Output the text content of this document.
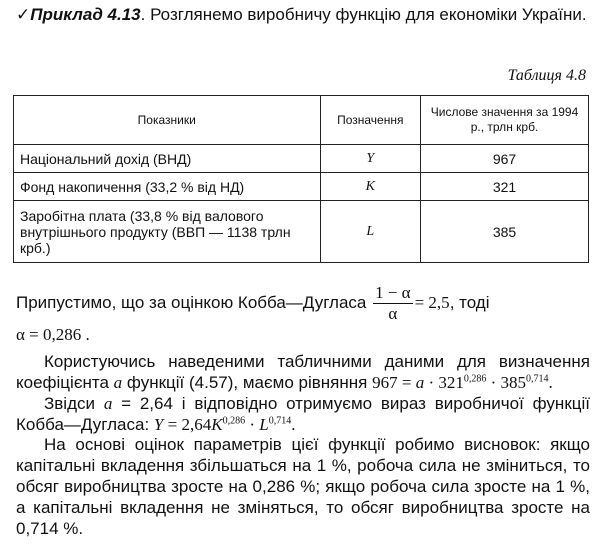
✓Приклад 4.13. Розглянемо виробничу функцію для економіки України.
Таблиця 4.8
Показники	Позначення	Числове значення за 1994 р., трлн крб.
Національний дохід (ВНД)	Y	967
Фонд накопичення (33,2 % від НД)	K	321
Заробітна плата (33,8 % від валового внутрішнього продукту (ВВП — 1138 трлн крб.)	L	385
Припустимо, що за оцінкою Кобба—Дугласа $\frac{1 - \alpha}{\alpha} = 2,5$, тоді
α = 0,286 .
Користуючись наведеними табличними даними для визначення коефіцієнта a функції (4.57), маємо рівняння $967 = a \cdot 321^{0,286} \cdot 385^{0,714}$.
Звідси a = 2,64 і відповідно отримуємо вираз виробничої функції Кобба—Дугласа: $Y = 2,64K^{0,286} \cdot L^{0,714}$.
На основі оцінок параметрів цієї функції робимо висновок: якщо капітальні вкладення збільшаться на 1 %, робоча сила не зміниться, то обсяг виробництва зросте на 0,286 %; якщо робоча сила зросте на 1 %, а капітальні вкладення не зміняться, то обсяг виробництва зросте на 0,714 %.
